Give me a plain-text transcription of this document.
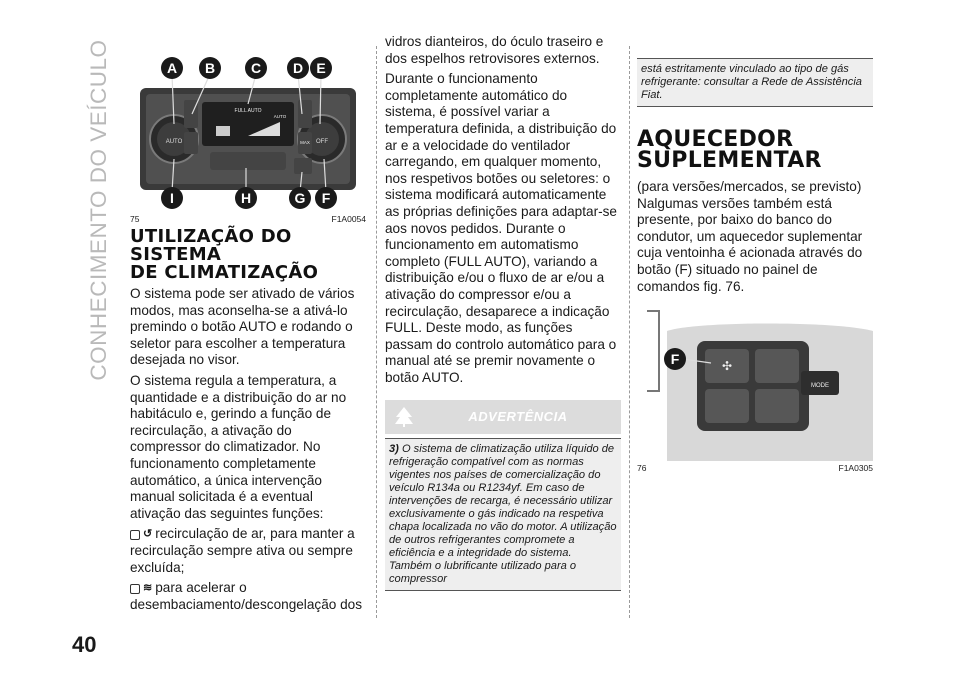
CONHECIMENTO DO VEÍCULO
40
AUTO	OFF
FULL AUTO
AUTO
MAX
A B	C D E
I	H	G F
75	F1A0054
UTILIZAÇÃO DO SISTEMA
DE CLIMATIZAÇÃO

O sistema pode ser ativado de vários modos, mas aconselha-se a ativá-lo premindo o botão AUTO e rodando o seletor para escolher a temperatura desejada no visor.

O sistema regula a temperatura, a quantidade e a distribuição do ar no habitáculo e, gerindo a função de recirculação, a ativação do compressor do climatizador. No funcionamento completamente automático, a única intervenção manual solicitada é a eventual ativação das seguintes funções:

↺ recirculação de ar, para manter a recirculação sempre ativa ou sempre excluída;

≋ para acelerar o desembaciamento/descongelação dos

vidros dianteiros, do óculo traseiro e dos espelhos retrovisores externos.

Durante o funcionamento completamente automático do sistema, é possível variar a temperatura definida, a distribuição do ar e a velocidade do ventilador carregando, em qualquer momento, nos respetivos botões ou seletores: o sistema modificará automaticamente as próprias definições para adaptar-se aos novos pedidos. Durante o funcionamento em automatismo completo (FULL AUTO), variando a distribuição e/ou o fluxo de ar e/ou a ativação do compressor e/ou a recirculação, desaparece a indicação FULL. Deste modo, as funções passam do controlo automático para o manual até se premir novamente o botão AUTO.

ADVERTÊNCIA
3) O sistema de climatização utiliza líquido de refrigeração compatível com as normas vigentes nos países de comercialização do veículo R134a ou R1234yf. Em caso de intervenções de recarga, é necessário utilizar exclusivamente o gás indicado na respetiva chapa localizada no vão do motor. A utilização de outros refrigerantes compromete a eficiência e a integridade do sistema. Também o lubrificante utilizado para o compressor
está estritamente vinculado ao tipo de gás refrigerante: consultar a Rede de Assistência Fiat.
AQUECEDOR
SUPLEMENTAR

(para versões/mercados, se previsto) Nalgumas versões também está presente, por baixo do banco do condutor, um aquecedor suplementar cuja ventoinha é acionada através do botão (F) situado no painel de comandos fig. 76.

✣
MODE
F
76	F1A0305
